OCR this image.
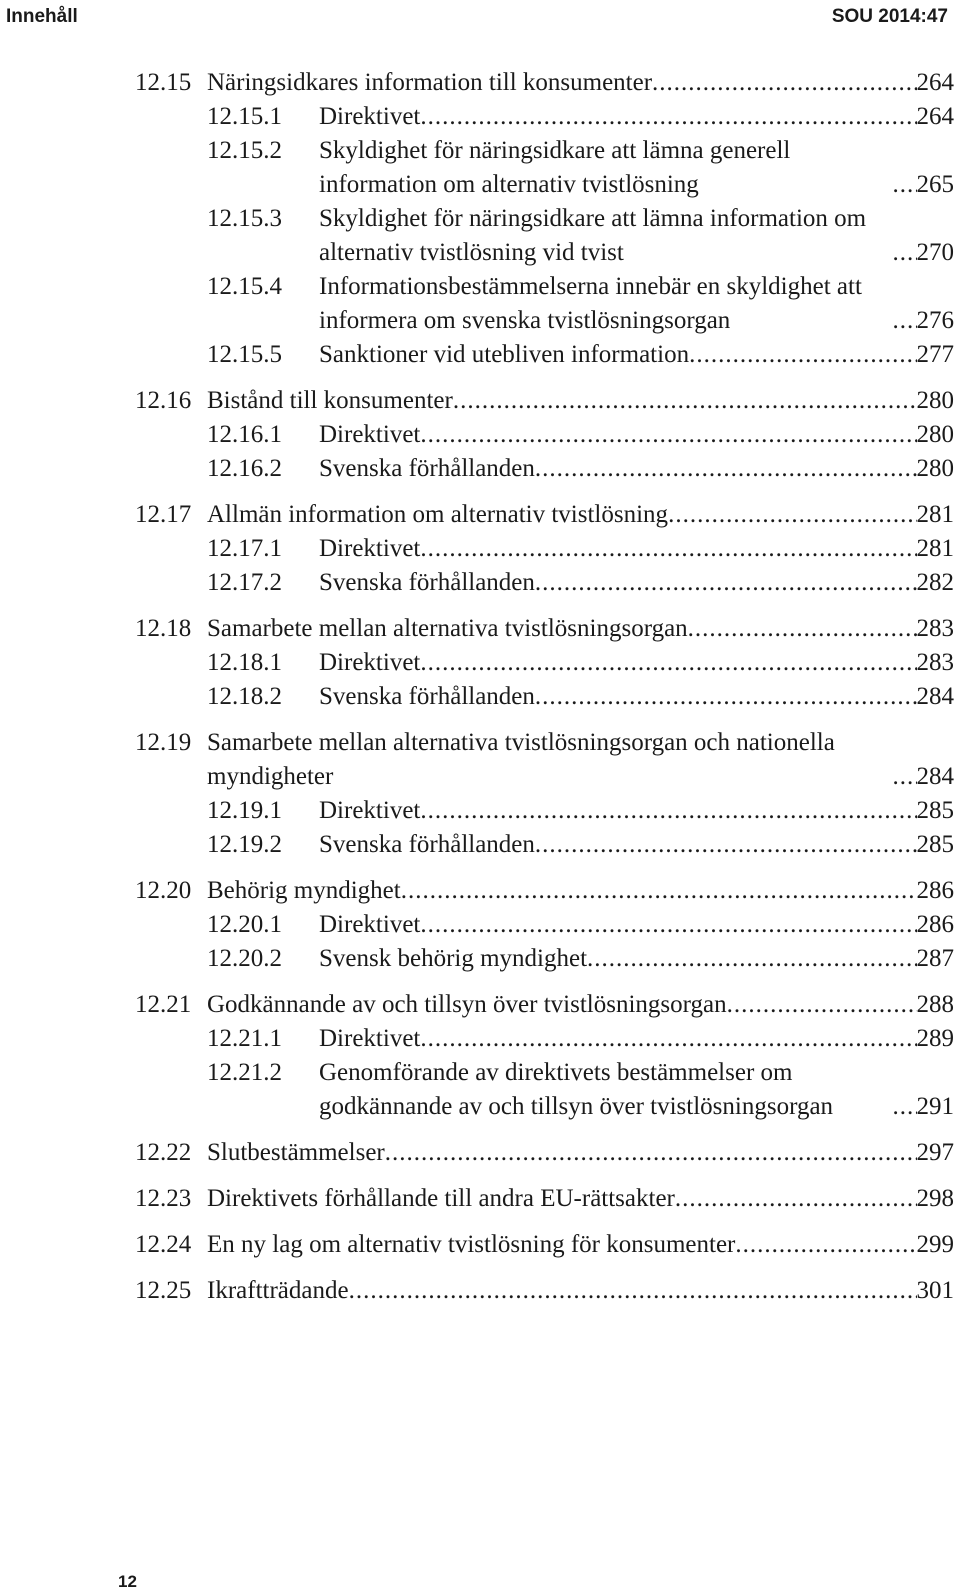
Innehåll	SOU 2014:47
12.15 Näringsidkares information till konsumenter .....	264
12.15.1 Direktivet .....	264
12.15.2 Skyldighet för näringsidkare att lämna generell information om alternativ tvistlösning .....	265
12.15.3 Skyldighet för näringsidkare att lämna information om alternativ tvistlösning vid tvist .....	270
12.15.4 Informationsbestämmelserna innebär en skyldighet att informera om svenska tvistlösningsorgan .....	276
12.15.5 Sanktioner vid utebliven information .....	277
12.16 Bistånd till konsumenter .....	280
12.16.1 Direktivet .....	280
12.16.2 Svenska förhållanden .....	280
12.17 Allmän information om alternativ tvistlösning .....	281
12.17.1 Direktivet .....	281
12.17.2 Svenska förhållanden .....	282
12.18 Samarbete mellan alternativa tvistlösningsorgan .....	283
12.18.1 Direktivet .....	283
12.18.2 Svenska förhållanden .....	284
12.19 Samarbete mellan alternativa tvistlösningsorgan och nationella myndigheter .....	284
12.19.1 Direktivet .....	285
12.19.2 Svenska förhållanden .....	285
12.20 Behörig myndighet .....	286
12.20.1 Direktivet .....	286
12.20.2 Svensk behörig myndighet .....	287
12.21 Godkännande av och tillsyn över tvistlösningsorgan .....	288
12.21.1 Direktivet .....	289
12.21.2 Genomförande av direktivets bestämmelser om godkännande av och tillsyn över tvistlösningsorgan .....	291
12.22 Slutbestämmelser .....	297
12.23 Direktivets förhållande till andra EU-rättsakter .....	298
12.24 En ny lag om alternativ tvistlösning för konsumenter .....	299
12.25 Ikraftträdande .....	301
12
